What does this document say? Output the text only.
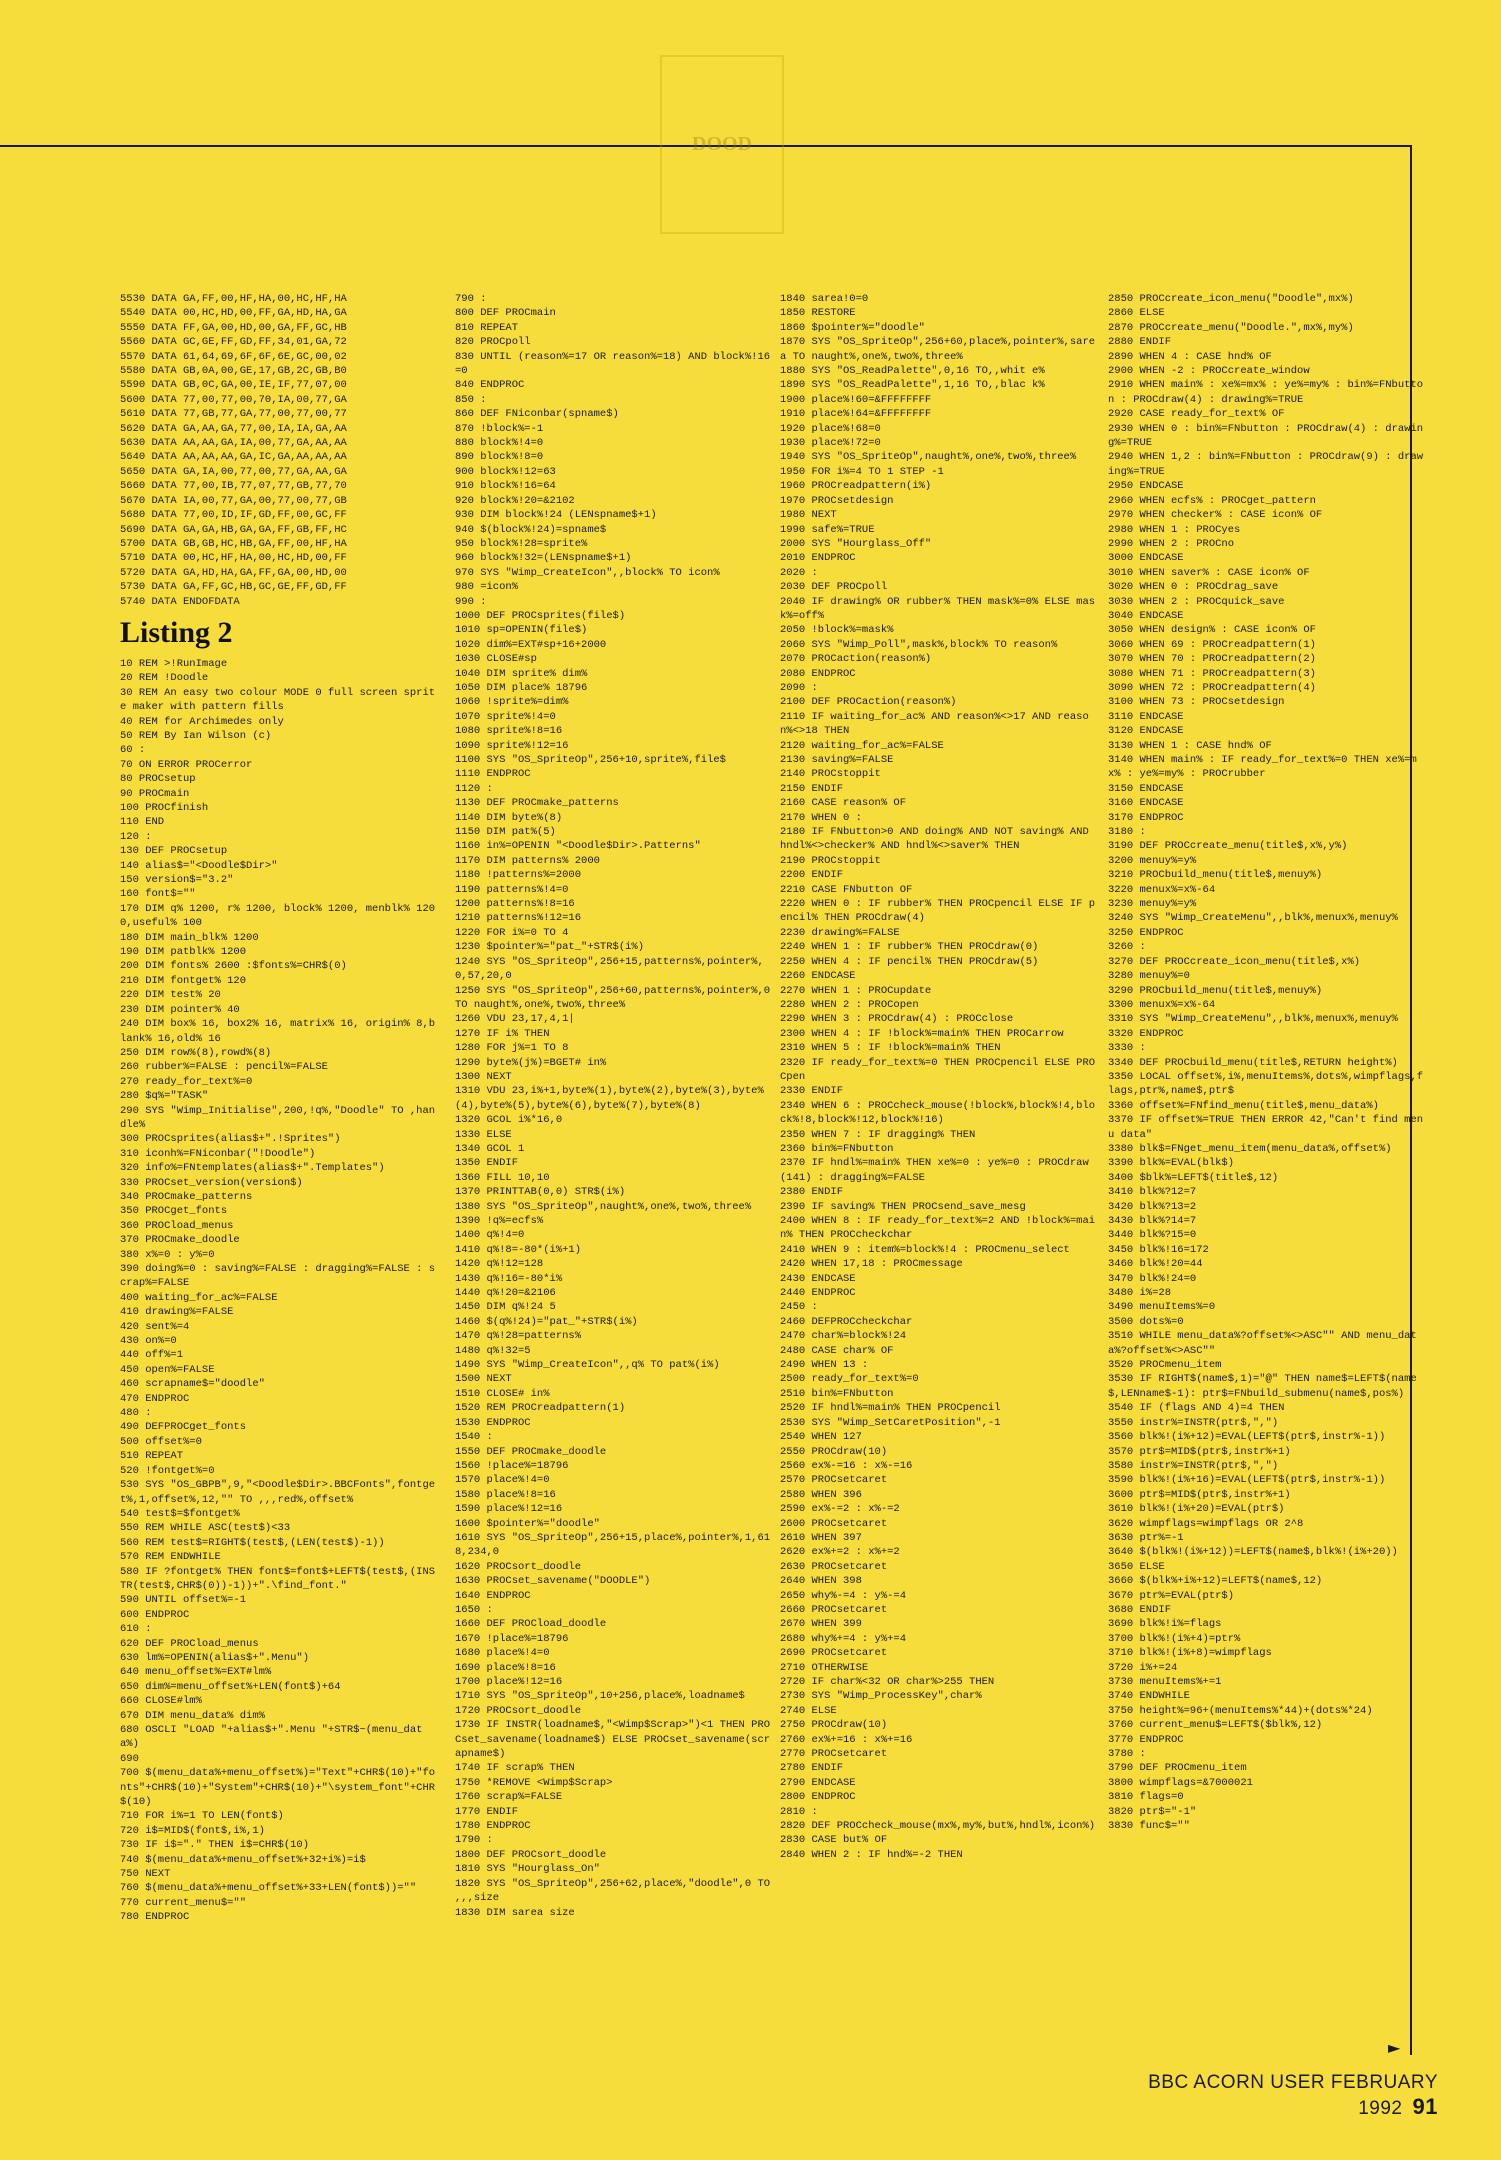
DOOD
5530 DATA GA,FF,00,HF,HA,00,HC,HF,HA
5540 DATA 00,HC,HD,00,FF,GA,HD,HA,GA
5550 DATA FF,GA,00,HD,00,GA,FF,GC,HB
5560 DATA GC,GE,FF,GD,FF,34,01,GA,72
5570 DATA 61,64,69,6F,6F,6E,GC,00,02
5580 DATA GB,0A,00,GE,17,GB,2C,GB,B0
5590 DATA GB,0C,GA,00,IE,IF,77,07,00
5600 DATA 77,00,77,00,70,IA,00,77,GA
5610 DATA 77,GB,77,GA,77,00,77,00,77
5620 DATA GA,AA,GA,77,00,IA,IA,GA,AA
5630 DATA AA,AA,GA,IA,00,77,GA,AA,AA
5640 DATA AA,AA,AA,GA,IC,GA,AA,AA,AA
5650 DATA GA,IA,00,77,00,77,GA,AA,GA
5660 DATA 77,00,IB,77,07,77,GB,77,70
5670 DATA IA,00,77,GA,00,77,00,77,GB
5680 DATA 77,00,ID,IF,GD,FF,00,GC,FF
5690 DATA GA,GA,HB,GA,GA,FF,GB,FF,HC
5700 DATA GB,GB,HC,HB,GA,FF,00,HF,HA
5710 DATA 00,HC,HF,HA,00,HC,HD,00,FF
5720 DATA GA,HD,HA,GA,FF,GA,00,HD,00
5730 DATA GA,FF,GC,HB,GC,GE,FF,GD,FF
5740 DATA ENDOFDATA
Listing 2
10 REM >!RunImage
20 REM !Doodle
30 REM An easy two colour MODE 0 full screen sprite maker with pattern fills
40 REM for Archimedes only
50 REM By Ian Wilson (c)
60 :
70 ON ERROR PROCerror
80 PROCsetup
90 PROCmain
100 PROCfinish
110 END
120 :
130 DEF PROCsetup
140 alias$="<Doodle$Dir>"
150 version$="3.2"
160 font$=""
170 DIM q% 1200, r% 1200, block% 1200, menblk% 1200,useful% 100
180 DIM main_blk% 1200
190 DIM patblk% 1200
200 DIM fonts% 2600 :$fonts%=CHR$(0)
210 DIM fontget% 120
220 DIM test% 20
230 DIM pointer% 40
240 DIM box% 16, box2% 16, matrix% 16, origin% 8,blank% 16,old% 16
250 DIM row%(8),rowd%(8)
260 rubber%=FALSE : pencil%=FALSE
270 ready_for_text%=0
280 $q%="TASK"
290 SYS "Wimp_Initialise",200,!q%,"Doodle" TO ,handle%
300 PROCsprites(alias$+".!Sprites")
310 iconh%=FNiconbar("!Doodle")
320 info%=FNtemplates(alias$+".Templates")
330 PROCset_version(version$)
340 PROCmake_patterns
350 PROCget_fonts
360 PROCload_menus
370 PROCmake_doodle
380 x%=0 : y%=0
390 doing%=0 : saving%=FALSE : dragging%=FALSE : scrap%=FALSE
400 waiting_for_ac%=FALSE
410 drawing%=FALSE
420 sent%=4
430 on%=0
440 off%=1
450 open%=FALSE
460 scrapname$="doodle"
470 ENDPROC
480 :
490 DEFPROCget_fonts
500 offset%=0
510 REPEAT
520 !fontget%=0
530 SYS "OS_GBPB",9,"<Doodle$Dir>.BBCFonts",fontget%,1,offset%,12,"" TO ,,,red%,offset%
540 test$=$fontget%
550 REM WHILE ASC(test$)<33
560 REM test$=RIGHT$(test$,(LEN(test$)-1))
570 REM ENDWHILE
580 IF ?fontget% THEN font$=font$+LEFT$(test$,(INSTR(test$,CHR$(0))-1))+".\find_font."
590 UNTIL offset%=-1
600 ENDPROC
610 :
620 DEF PROCload_menus
630 lm%=OPENIN(alias$+".Menu")
640 menu_offset%=EXT#lm%
650 dim%=menu_offset%+LEN(font$)+64
660 CLOSE#lm%
670 DIM menu_data% dim%
680 OSCLI "LOAD "+alias$+".Menu "+STR$~(menu_data%)
690
700 $(menu_data%+menu_offset%)="Text"+CHR$(10)+"fonts"+CHR$(10)+"System"+CHR$(10)+"\system_font"+CHR$(10)
710 FOR i%=1 TO LEN(font$)
720 i$=MID$(font$,i%,1)
730 IF i$="." THEN i$=CHR$(10)
740 $(menu_data%+menu_offset%+32+i%)=i$
750 NEXT
760 $(menu_data%+menu_offset%+33+LEN(font$))=""
770 current_menu$=""
780 ENDPROC
790 :
800 DEF PROCmain
810 REPEAT
820 PROCpoll
830 UNTIL (reason%=17 OR reason%=18) AND block%!16=0
840 ENDPROC
850 :
860 DEF FNiconbar(spname$)
870 !block%=-1
880 block%!4=0
890 block%!8=0
900 block%!12=63
910 block%!16=64
920 block%!20=&2102
930 DIM block%!24 (LENspname$+1)
940 $(block%!24)=spname$
950 block%!28=sprite%
960 block%!32=(LENspname$+1)
970 SYS "Wimp_CreateIcon",,block% TO icon%
980 =icon%
990 :
1000 DEF PROCsprites(file$)
1010 sp=OPENIN(file$)
1020 dim%=EXT#sp+16+2000
1030 CLOSE#sp
1040 DIM sprite% dim%
1050 DIM place% 18796
1060 !sprite%=dim%
1070 sprite%!4=0
1080 sprite%!8=16
1090 sprite%!12=16
1100 SYS "OS_SpriteOp",256+10,sprite%,file$
1110 ENDPROC
1120 :
1130 DEF PROCmake_patterns
1140 DIM byte%(8)
1150 DIM pat%(5)
1160 in%=OPENIN "<Doodle$Dir>.Patterns"
1170 DIM patterns% 2000
1180 !patterns%=2000
1190 patterns%!4=0
1200 patterns%!8=16
1210 patterns%!12=16
1220 FOR i%=0 TO 4
1230 $pointer%="pat_"+STR$(i%)
1240 SYS "OS_SpriteOp",256+15,patterns%,pointer%,0,57,20,0
1250 SYS "OS_SpriteOp",256+60,patterns%,pointer%,0 TO naught%,one%,two%,three%
1260 VDU 23,17,4,1|
1270 IF i% THEN
1280 FOR j%=1 TO 8
1290 byte%(j%)=BGET# in%
1300 NEXT
1310 VDU 23,i%+1,byte%(1),byte%(2),byte%(3),byte%(4),byte%(5),byte%(6),byte%(7),byte%(8)
1320 GCOL i%*16,0
1330 ELSE
1340 GCOL 1
1350 ENDIF
1360 FILL 10,10
1370 PRINTTAB(0,0) STR$(i%)
1380 SYS "OS_SpriteOp",naught%,one%,two%,three%
1390 !q%=ecfs%
1400 q%!4=0
1410 q%!8=-80*(i%+1)
1420 q%!12=128
1430 q%!16=-80*i%
1440 q%!20=&2106
1450 DIM q%!24 5
1460 $(q%!24)="pat_"+STR$(i%)
1470 q%!28=patterns%
1480 q%!32=5
1490 SYS "Wimp_CreateIcon",,q% TO pat%(i%)
1500 NEXT
1510 CLOSE# in%
1520 REM PROCreadpattern(1)
1530 ENDPROC
1540 :
1550 DEF PROCmake_doodle
1560 !place%=18796
1570 place%!4=0
1580 place%!8=16
1590 place%!12=16
1600 $pointer%="doodle"
1610 SYS "OS_SpriteOp",256+15,place%,pointer%,1,618,234,0
1620 PROCsort_doodle
1630 PROCset_savename("DOODLE")
1640 ENDPROC
1650 :
1660 DEF PROCload_doodle
1670 !place%=18796
1680 place%!4=0
1690 place%!8=16
1700 place%!12=16
1710 SYS "OS_SpriteOp",10+256,place%,loadname$
1720 PROCsort_doodle
1730 IF INSTR(loadname$,"<Wimp$Scrap>")<1 THEN PROCset_savename(loadname$) ELSE PROCset_savename(scrapname$)
1740 IF scrap% THEN
1750 *REMOVE <Wimp$Scrap>
1760 scrap%=FALSE
1770 ENDIF
1780 ENDPROC
1790 :
1800 DEF PROCsort_doodle
1810 SYS "Hourglass_On"
1820 SYS "OS_SpriteOp",256+62,place%,"doodle",0 TO ,,,size
1830 DIM sarea size
1840 sarea!0=0
1850 RESTORE
1860 $pointer%="doodle"
1870 SYS "OS_SpriteOp",256+60,place%,pointer%,sarea TO naught%,one%,two%,three%
1880 SYS "OS_ReadPalette",0,16 TO,,whit e%
1890 SYS "OS_ReadPalette",1,16 TO,,blac k%
1900 place%!60=&FFFFFFFF
1910 place%!64=&FFFFFFFF
1920 place%!68=0
1930 place%!72=0
1940 SYS "OS_SpriteOp",naught%,one%,two%,three%
1950 FOR i%=4 TO 1 STEP -1
1960 PROCreadpattern(i%)
1970 PROCsetdesign
1980 NEXT
1990 safe%=TRUE
2000 SYS "Hourglass_Off"
2010 ENDPROC
2020 :
2030 DEF PROCpoll
2040 IF drawing% OR rubber% THEN mask%=0% ELSE mask%=off%
2050 !block%=mask%
2060 SYS "Wimp_Poll",mask%,block% TO reason%
2070 PROCaction(reason%)
2080 ENDPROC
2090 :
2100 DEF PROCaction(reason%)
2110 IF waiting_for_ac% AND reason%<>17 AND reason%<>18 THEN
2120 waiting_for_ac%=FALSE
2130 saving%=FALSE
2140 PROCstoppit
2150 ENDIF
2160 CASE reason% OF
2170 WHEN 0 :
2180 IF FNbutton>0 AND doing% AND NOT saving% AND hndl%<>checker% AND hndl%<>saver% THEN
2190 PROCstoppit
2200 ENDIF
2210 CASE FNbutton OF
2220 WHEN 0 : IF rubber% THEN PROCpencil ELSE IF pencil% THEN PROCdraw(4)
2230 drawing%=FALSE
2240 WHEN 1 : IF rubber% THEN PROCdraw(0)
2250 WHEN 4 : IF pencil% THEN PROCdraw(5)
2260 ENDCASE
2270 WHEN 1 : PROCupdate
2280 WHEN 2 : PROCopen
2290 WHEN 3 : PROCdraw(4) : PROCclose
2300 WHEN 4 : IF !block%=main% THEN PROCarrow
2310 WHEN 5 : IF !block%=main% THEN
2320 IF ready_for_text%=0 THEN PROCpencil ELSE PROCpen
2330 ENDIF
2340 WHEN 6 : PROCcheck_mouse(!block%,block%!4,block%!8,block%!12,block%!16)
2350 WHEN 7 : IF dragging% THEN
2360 bin%=FNbutton
2370 IF hndl%=main% THEN xe%=0 : ye%=0 : PROCdraw(141) : dragging%=FALSE
2380 ENDIF
2390 IF saving% THEN PROCsend_save_mesg
2400 WHEN 8 : IF ready_for_text%=2 AND !block%=main% THEN PROCcheckchar
2410 WHEN 9 : item%=block%!4 : PROCmenu_select
2420 WHEN 17,18 : PROCmessage
2430 ENDCASE
2440 ENDPROC
2450 :
2460 DEFPROCcheckchar
2470 char%=block%!24
2480 CASE char% OF
2490 WHEN 13 :
2500 ready_for_text%=0
2510 bin%=FNbutton
2520 IF hndl%=main% THEN PROCpencil
2530 SYS "Wimp_SetCaretPosition",-1
2540 WHEN 127
2550 PROCdraw(10)
2560 ex%-=16 : x%-=16
2570 PROCsetcaret
2580 WHEN 396
2590 ex%-=2 : x%-=2
2600 PROCsetcaret
2610 WHEN 397
2620 ex%+=2 : x%+=2
2630 PROCsetcaret
2640 WHEN 398
2650 why%-=4 : y%-=4
2660 PROCsetcaret
2670 WHEN 399
2680 why%+=4 : y%+=4
2690 PROCsetcaret
2710 OTHERWISE
2720 IF char%<32 OR char%>255 THEN
2730 SYS "Wimp_ProcessKey",char%
2740 ELSE
2750 PROCdraw(10)
2760 ex%+=16 : x%+=16
2770 PROCsetcaret
2780 ENDIF
2790 ENDCASE
2800 ENDPROC
2810 :
2820 DEF PROCcheck_mouse(mx%,my%,but%,hndl%,icon%)
2830 CASE but% OF
2840 WHEN 2 : IF hnd%=-2 THEN
2850 PROCcreate_icon_menu("Doodle",mx%)
2860 ELSE
2870 PROCcreate_menu("Doodle.",mx%,my%)
2880 ENDIF
2890 WHEN 4 : CASE hnd% OF
2900 WHEN -2 : PROCcreate_window
2910 WHEN main% : xe%=mx% : ye%=my% : bin%=FNbutton : PROCdraw(4) : drawing%=TRUE
2920 CASE ready_for_text% OF
2930 WHEN 0 : bin%=FNbutton : PROCdraw(4) : drawing%=TRUE
2940 WHEN 1,2 : bin%=FNbutton : PROCdraw(9) : drawing%=TRUE
2950 ENDCASE
2960 WHEN ecfs% : PROCget_pattern
2970 WHEN checker% : CASE icon% OF
2980 WHEN 1 : PROCyes
2990 WHEN 2 : PROCno
3000 ENDCASE
3010 WHEN saver% : CASE icon% OF
3020 WHEN 0 : PROCdrag_save
3030 WHEN 2 : PROCquick_save
3040 ENDCASE
3050 WHEN design% : CASE icon% OF
3060 WHEN 69 : PROCreadpattern(1)
3070 WHEN 70 : PROCreadpattern(2)
3080 WHEN 71 : PROCreadpattern(3)
3090 WHEN 72 : PROCreadpattern(4)
3100 WHEN 73 : PROCsetdesign
3110 ENDCASE
3120 ENDCASE
3130 WHEN 1 : CASE hnd% OF
3140 WHEN main% : IF ready_for_text%=0 THEN xe%=mx% : ye%=my% : PROCrubber
3150 ENDCASE
3160 ENDCASE
3170 ENDPROC
3180 :
3190 DEF PROCcreate_menu(title$,x%,y%)
3200 menuy%=y%
3210 PROCbuild_menu(title$,menuy%)
3220 menux%=x%-64
3230 menuy%=y%
3240 SYS "Wimp_CreateMenu",,blk%,menux%,menuy%
3250 ENDPROC
3260 :
3270 DEF PROCcreate_icon_menu(title$,x%)
3280 menuy%=0
3290 PROCbuild_menu(title$,menuy%)
3300 menux%=x%-64
3310 SYS "Wimp_CreateMenu",,blk%,menux%,menuy%
3320 ENDPROC
3330 :
3340 DEF PROCbuild_menu(title$,RETURN height%)
3350 LOCAL offset%,i%,menuItems%,dots%,wimpflags,flags,ptr%,name$,ptr$
3360 offset%=FNfind_menu(title$,menu_data%)
3370 IF offset%=TRUE THEN ERROR 42,"Can't find menu data"
3380 blk$=FNget_menu_item(menu_data%,offset%)
3390 blk%=EVAL(blk$)
3400 $blk%=LEFT$(title$,12)
3410 blk%?12=7
3420 blk%?13=2
3430 blk%?14=7
3440 blk%?15=0
3450 blk%!16=172
3460 blk%!20=44
3470 blk%!24=0
3480 i%=28
3490 menuItems%=0
3500 dots%=0
3510 WHILE menu_data%?offset%<>ASC"" AND menu_data%?offset%<>ASC""
3520 PROCmenu_item
3530 IF RIGHT$(name$,1)="@" THEN name$=LEFT$(name$,LENname$-1): ptr$=FNbuild_submenu(name$,pos%)
3540 IF (flags AND 4)=4 THEN
3550 instr%=INSTR(ptr$,",")
3560 blk%!(i%+12)=EVAL(LEFT$(ptr$,instr%-1))
3570 ptr$=MID$(ptr$,instr%+1)
3580 instr%=INSTR(ptr$,",")
3590 blk%!(i%+16)=EVAL(LEFT$(ptr$,instr%-1))
3600 ptr$=MID$(ptr$,instr%+1)
3610 blk%!(i%+20)=EVAL(ptr$)
3620 wimpflags=wimpflags OR 2^8
3630 ptr%=-1
3640 $(blk%!(i%+12))=LEFT$(name$,blk%!(i%+20))
3650 ELSE
3660 $(blk%+i%+12)=LEFT$(name$,12)
3670 ptr%=EVAL(ptr$)
3680 ENDIF
3690 blk%!i%=flags
3700 blk%!(i%+4)=ptr%
3710 blk%!(i%+8)=wimpflags
3720 i%+=24
3730 menuItems%+=1
3740 ENDWHILE
3750 height%=96+(menuItems%*44)+(dots%*24)
3760 current_menu$=LEFT$($blk%,12)
3770 ENDPROC
3780 :
3790 DEF PROCmenu_item
3800 wimpflags=&7000021
3810 flags=0
3820 ptr$="-1"
3830 func$=""
►
BBC ACORN USER FEBRUARY 1992 91
